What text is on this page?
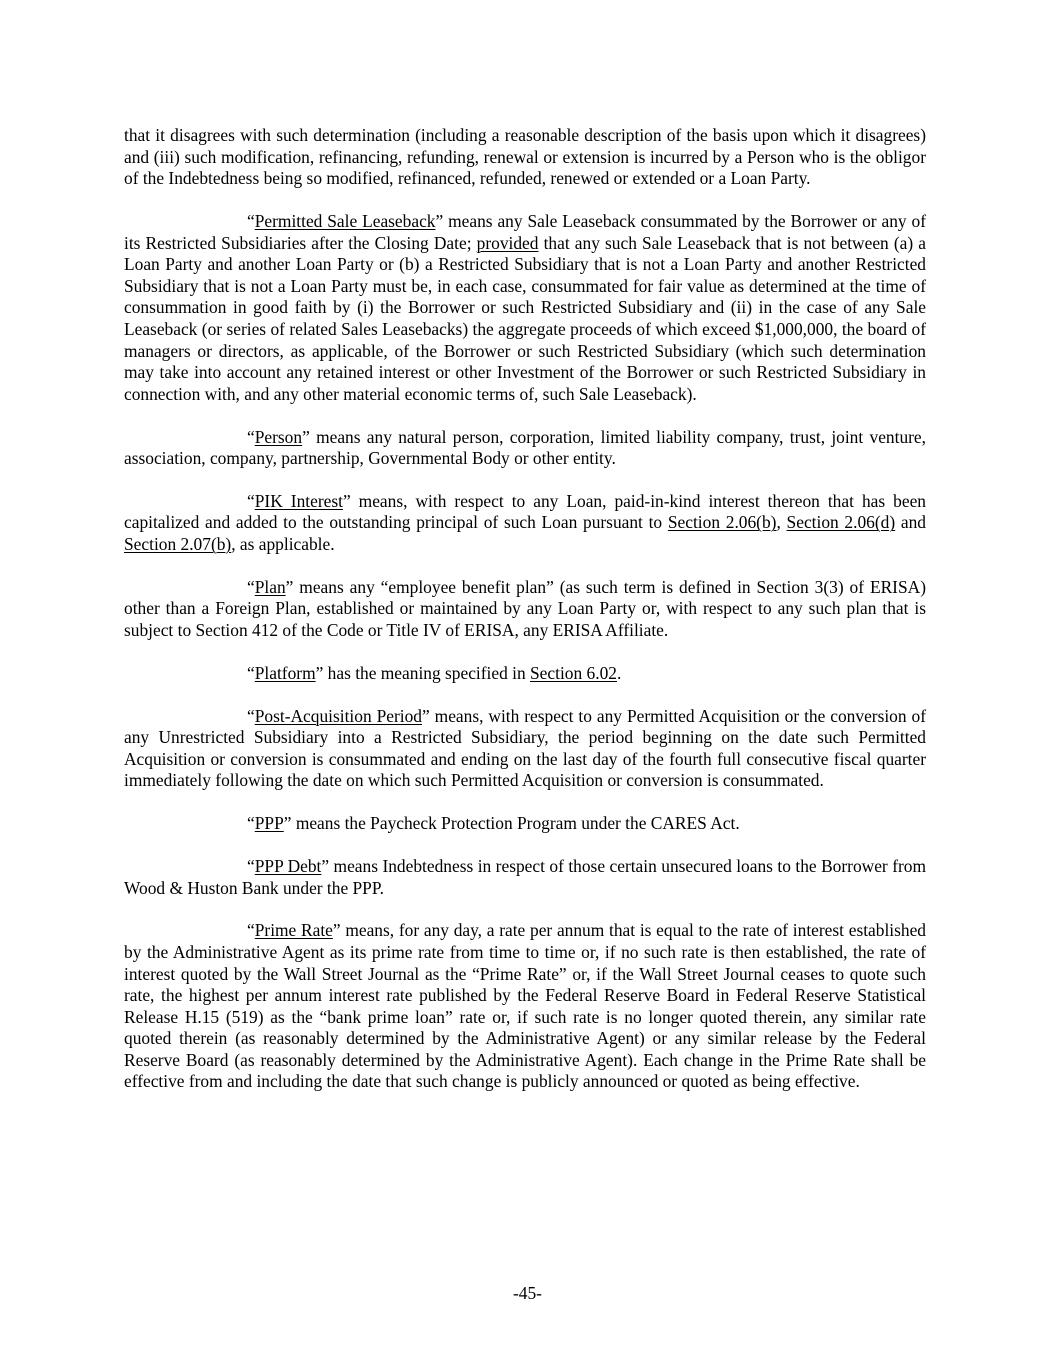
that it disagrees with such determination (including a reasonable description of the basis upon which it disagrees) and (iii) such modification, refinancing, refunding, renewal or extension is incurred by a Person who is the obligor of the Indebtedness being so modified, refinanced, refunded, renewed or extended or a Loan Party.

“Permitted Sale Leaseback” means any Sale Leaseback consummated by the Borrower or any of its Restricted Subsidiaries after the Closing Date; provided that any such Sale Leaseback that is not between (a) a Loan Party and another Loan Party or (b) a Restricted Subsidiary that is not a Loan Party and another Restricted Subsidiary that is not a Loan Party must be, in each case, consummated for fair value as determined at the time of consummation in good faith by (i) the Borrower or such Restricted Subsidiary and (ii) in the case of any Sale Leaseback (or series of related Sales Leasebacks) the aggregate proceeds of which exceed $1,000,000, the board of managers or directors, as applicable, of the Borrower or such Restricted Subsidiary (which such determination may take into account any retained interest or other Investment of the Borrower or such Restricted Subsidiary in connection with, and any other material economic terms of, such Sale Leaseback).

“Person” means any natural person, corporation, limited liability company, trust, joint venture, association, company, partnership, Governmental Body or other entity.

“PIK Interest” means, with respect to any Loan, paid-in-kind interest thereon that has been capitalized and added to the outstanding principal of such Loan pursuant to Section 2.06(b), Section 2.06(d) and Section 2.07(b), as applicable.

“Plan” means any “employee benefit plan” (as such term is defined in Section 3(3) of ERISA) other than a Foreign Plan, established or maintained by any Loan Party or, with respect to any such plan that is subject to Section 412 of the Code or Title IV of ERISA, any ERISA Affiliate.

“Platform” has the meaning specified in Section 6.02.

“Post-Acquisition Period” means, with respect to any Permitted Acquisition or the conversion of any Unrestricted Subsidiary into a Restricted Subsidiary, the period beginning on the date such Permitted Acquisition or conversion is consummated and ending on the last day of the fourth full consecutive fiscal quarter immediately following the date on which such Permitted Acquisition or conversion is consummated.

“PPP” means the Paycheck Protection Program under the CARES Act.

“PPP Debt” means Indebtedness in respect of those certain unsecured loans to the Borrower from Wood & Huston Bank under the PPP.

“Prime Rate” means, for any day, a rate per annum that is equal to the rate of interest established by the Administrative Agent as its prime rate from time to time or, if no such rate is then established, the rate of interest quoted by the Wall Street Journal as the “Prime Rate” or, if the Wall Street Journal ceases to quote such rate, the highest per annum interest rate published by the Federal Reserve Board in Federal Reserve Statistical Release H.15 (519) as the “bank prime loan” rate or, if such rate is no longer quoted therein, any similar rate quoted therein (as reasonably determined by the Administrative Agent) or any similar release by the Federal Reserve Board (as reasonably determined by the Administrative Agent). Each change in the Prime Rate shall be effective from and including the date that such change is publicly announced or quoted as being effective.

-45-
